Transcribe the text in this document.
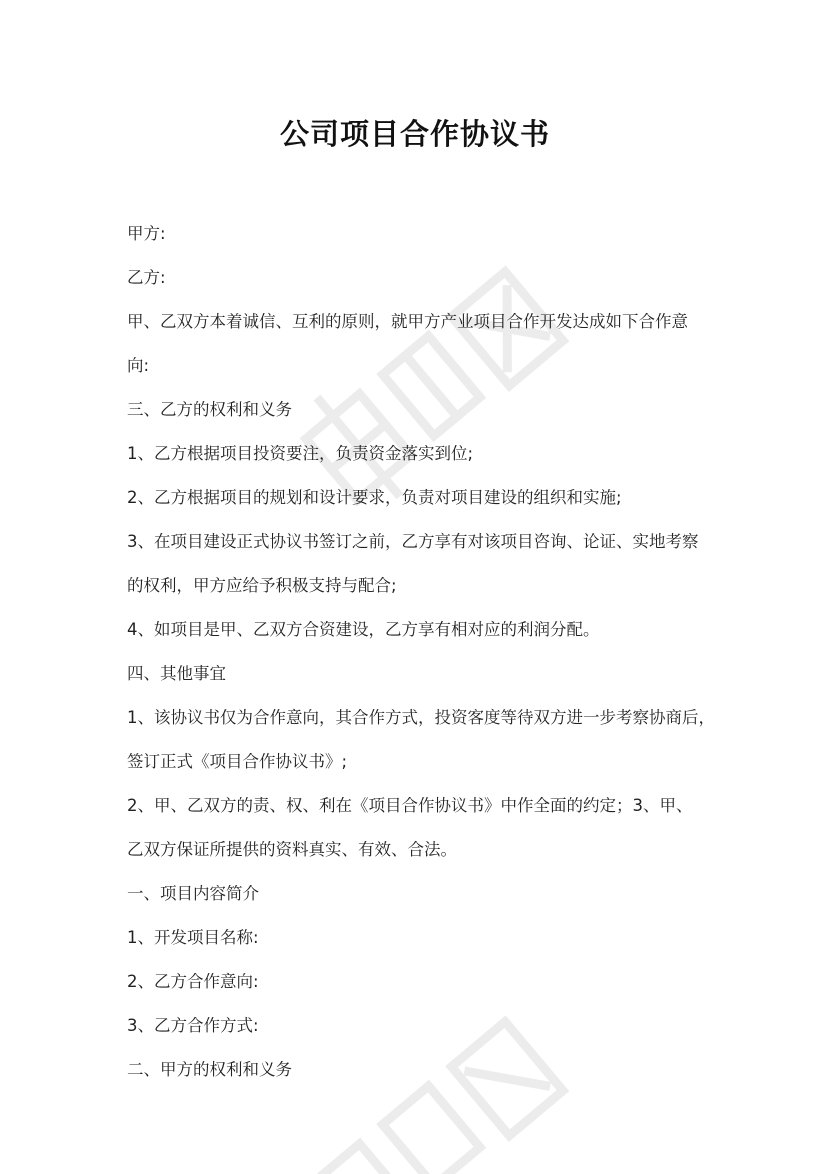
公司项目合作协议书

甲方:

乙方:

甲、乙双方本着诚信、互利的原则，就甲方产业项目合作开发达成如下合作意

向:

三、乙方的权利和义务

1、乙方根据项目投资要注，负责资金落实到位;

2、乙方根据项目的规划和设计要求，负责对项目建设的组织和实施;

3、在项目建设正式协议书签订之前，乙方享有对该项目咨询、论证、实地考察

的权利，甲方应给予积极支持与配合;

4、如项目是甲、乙双方合资建设，乙方享有相对应的利润分配。

四、其他事宜

1、该协议书仅为合作意向，其合作方式，投资客度等待双方进一步考察协商后，

签订正式《项目合作协议书》;

2、甲、乙双方的责、权、利在《项目合作协议书》中作全面的约定；3、甲、

乙双方保证所提供的资料真实、有效、合法。

一、项目内容简介

1、开发项目名称:

2、乙方合作意向:

3、乙方合作方式:

二、甲方的权利和义务
